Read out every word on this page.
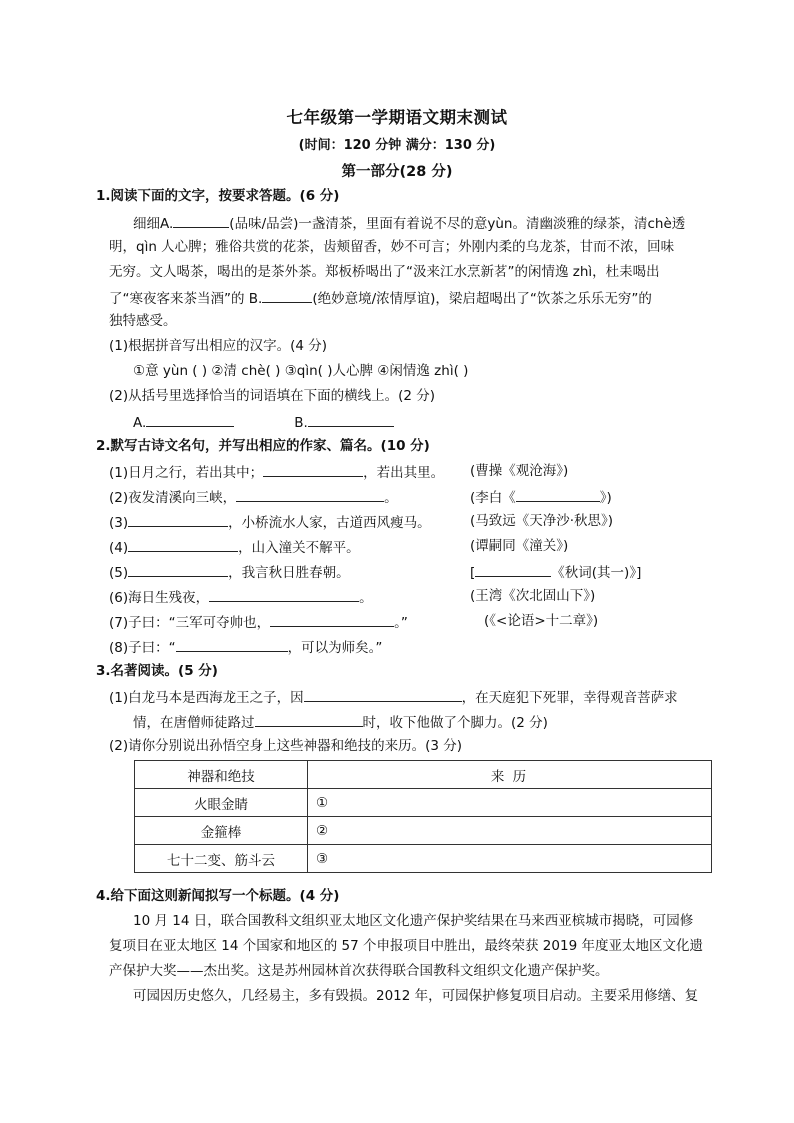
七年级第一学期语文期末测试
(时间：120 分钟 满分：130 分)
第一部分(28 分)
1.阅读下面的文字，按要求答题。(6 分)
细细A.	(品味/品尝)一盏清茶，里面有着说不尽的意yùn。清幽淡雅的绿茶，清chè透
明，qìn 人心脾；雅俗共赏的花茶，齿颊留香，妙不可言；外刚内柔的乌龙茶，甘而不浓，回味
无穷。文人喝茶，喝出的是茶外茶。郑板桥喝出了“汲来江水烹新茗”的闲情逸 zhì，杜耒喝出
了“寒夜客来茶当酒”的 B.	(绝妙意境/浓情厚谊)，梁启超喝出了“饮茶之乐乐无穷”的
独特感受。
(1)根据拼音写出相应的汉字。(4 分)
①意 yùn ( ) ②清 chè( ) ③qìn( )人心脾 ④闲情逸 zhì( )
(2)从括号里选择恰当的词语填在下面的横线上。(2 分)
A.	B.
2.默写古诗文名句，并写出相应的作家、篇名。(10 分)
(1)日月之行，若出其中；	，若出其里。 (曹操《观沧海》)
(2)夜发清溪向三峡，	。	(李白《	》)
(3)	，小桥流水人家，古道西风瘦马。	(马致远《天净沙·秋思》)
(4)	，山入潼关不解平。	(谭嗣同《潼关》)
(5)	，我言秋日胜春朝。	[	《秋词(其一)》]
(6)海日生残夜，	。	(王湾《次北固山下》)
(7)子曰：“三军可夺帅也，	。”	(《<论语>十二章》)
(8)子曰：“	，可以为师矣。”
3.名著阅读。(5 分)
(1)白龙马本是西海龙王之子，因	，在天庭犯下死罪，幸得观音菩萨求
情，在唐僧师徒路过	时，收下他做了个脚力。(2 分)
(2)请你分别说出孙悟空身上这些神器和绝技的来历。(3 分)
神器和绝技	来 历
火眼金睛	①
金箍棒	②
七十二变、筋斗云	③
4.给下面这则新闻拟写一个标题。(4 分)
10 月 14 日，联合国教科文组织亚太地区文化遗产保护奖结果在马来西亚槟城市揭晓，可园修
复项目在亚太地区 14 个国家和地区的 57 个申报项目中胜出，最终荣获 2019 年度亚太地区文化遗
产保护大奖——杰出奖。这是苏州园林首次获得联合国教科文组织文化遗产保护奖。
可园因历史悠久，几经易主，多有毁损。2012 年，可园保护修复项目启动。主要采用修缮、复
